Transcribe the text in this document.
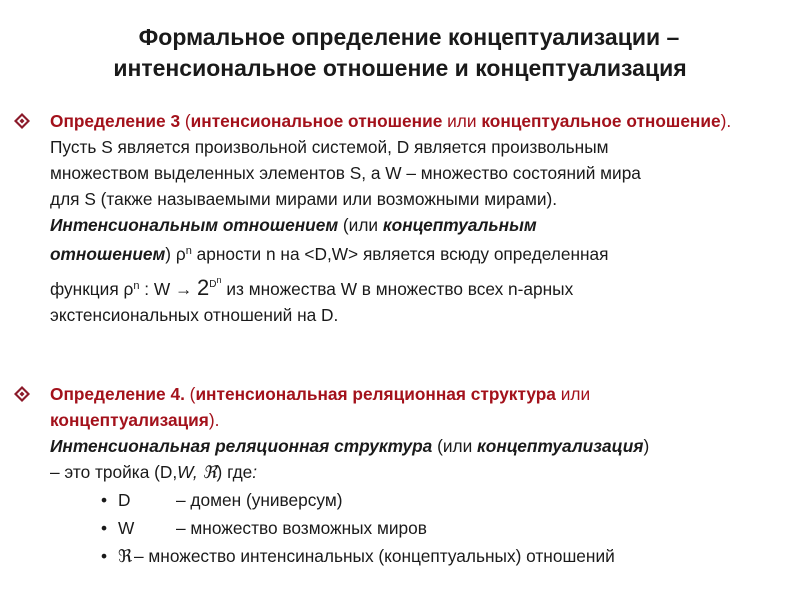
Формальное определение концептуализации –
интенсиональное отношение и концептуализация
Определение 3 (интенсиональное отношение или концептуальное отношение).
Пусть S является произвольной системой, D является произвольным
множеством выделенных элементов S, а W – множество состояний мира
для S (также называемыми мирами или возможными мирами).
Интенсиональным отношением (или концептуальным
отношением) $\rho^n$ арности n на <D,W> является всюду определенная
функция $\rho^n$ : $W \to 2^{Dn}$ из множества W в множество всех n-арных
экстенсиональных отношений на D.
Определение 4. (интенсиональная реляционная структура или
концептуализация).
Интенсиональная реляционная структура (или концептуализация)
– это тройка (D,W, ℜ) где:
• D	– домен (универсум)
• W – множество возможных миров
• ℜ – множество интенсинальных (концептуальных) отношений
